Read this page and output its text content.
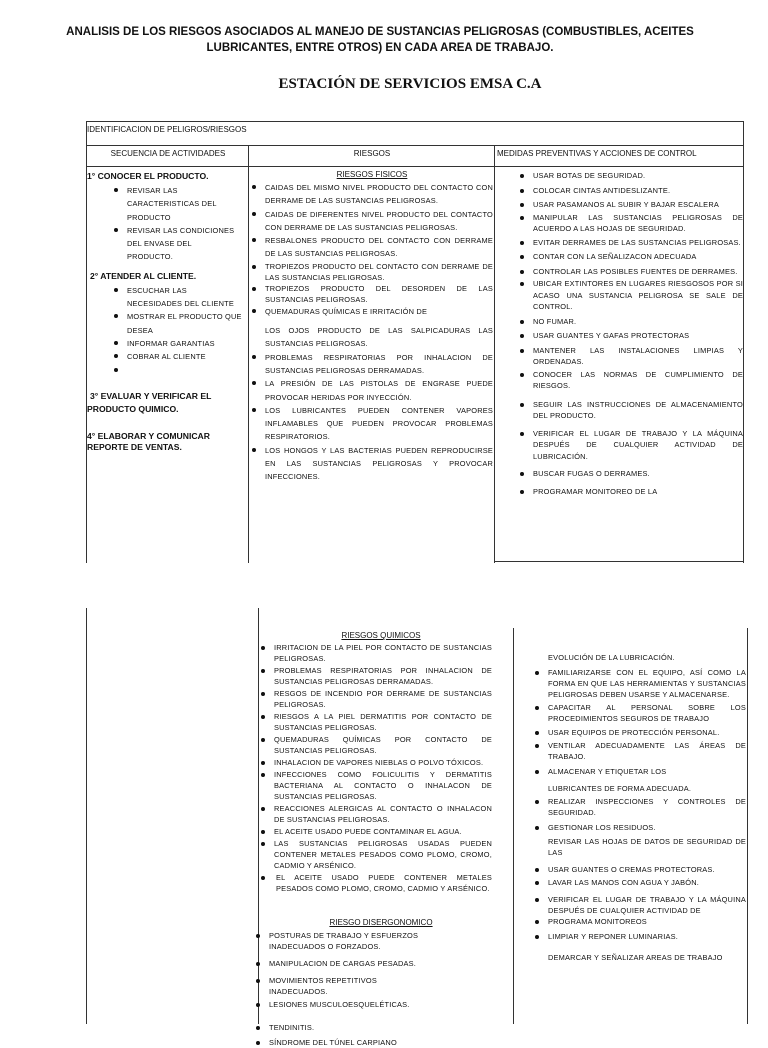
ANALISIS DE LOS RIESGOS ASOCIADOS AL MANEJO DE SUSTANCIAS PELIGROSAS (COMBUSTIBLES, ACEITES LUBRICANTES, ENTRE OTROS) EN CADA AREA DE TRABAJO.
ESTACIÓN DE SERVICIOS EMSA C.A
IDENTIFICACION DE PELIGROS/RIESGOS
SECUENCIA DE ACTIVIDADES	RIESGOS	MEDIDAS PREVENTIVAS Y ACCIONES DE CONTROL
1° CONOCER EL PRODUCTO.
REVISAR LAS CARACTERISTICAS DEL PRODUCTO
REVISAR LAS CONDICIONES DEL ENVASE DEL PRODUCTO.
2° ATENDER AL CLIENTE.
ESCUCHAR LAS NECESIDADES DEL CLIENTE
MOSTRAR EL PRODUCTO QUE DESEA
INFORMAR GARANTIAS
COBRAR AL CLIENTE
3° EVALUAR Y VERIFICAR EL
PRODUCTO QUIMICO.
4° ELABORAR Y COMUNICAR
REPORTE DE VENTAS.
RIESGOS FISICOS
CAIDAS DEL MISMO NIVEL PRODUCTO DEL CONTACTO CON DERRAME DE LAS SUSTANCIAS PELIGROSAS.
CAIDAS DE DIFERENTES NIVEL PRODUCTO DEL CONTACTO CON DERRAME DE LAS SUSTANCIAS PELIGROSAS.
RESBALONES PRODUCTO DEL CONTACTO CON DERRAME DE LAS SUSTANCIAS PELIGROSAS.
TROPIEZOS PRODUCTO DEL CONTACTO CON DERRAME DE LAS SUSTANCIAS PELIGROSAS.
TROPIEZOS PRODUCTO DEL DESORDEN DE LAS SUSTANCIAS PELIGROSAS.
QUEMADURAS QUÍMICAS E IRRITACIÓN DE
LOS OJOS PRODUCTO DE LAS SALPICADURAS LAS SUSTANCIAS PELIGROSAS.
PROBLEMAS RESPIRATORIAS POR INHALACION DE SUSTANCIAS PELIGROSAS DERRAMADAS.
LA PRESIÓN DE LAS PISTOLAS DE ENGRASE PUEDE PROVOCAR HERIDAS POR INYECCIÓN.
LOS LUBRICANTES PUEDEN CONTENER VAPORES INFLAMABLES QUE PUEDEN PROVOCAR PROBLEMAS RESPIRATORIOS.
LOS HONGOS Y LAS BACTERIAS PUEDEN REPRODUCIRSE EN LAS SUSTANCIAS PELIGROSAS Y PROVOCAR INFECCIONES.
USAR BOTAS DE SEGURIDAD.
COLOCAR CINTAS ANTIDESLIZANTE.
USAR PASAMANOS AL SUBIR Y BAJAR ESCALERA
MANIPULAR LAS SUSTANCIAS PELIGROSAS DE ACUERDO A LAS HOJAS DE SEGURIDAD.
EVITAR DERRAMES DE LAS SUSTANCIAS PELIGROSAS.
CONTAR CON LA SEÑALIZACON ADECUADA
CONTROLAR LAS POSIBLES FUENTES DE DERRAMES.
UBICAR EXTINTORES EN LUGARES RIESGOSOS POR SI ACASO UNA SUSTANCIA PELIGROSA SE SALE DE CONTROL.
NO FUMAR.
USAR GUANTES Y GAFAS PROTECTORAS
MANTENER LAS INSTALACIONES LIMPIAS Y ORDENADAS.
CONOCER LAS NORMAS DE CUMPLIMIENTO DE RIESGOS.
SEGUIR LAS INSTRUCCIONES DE ALMACENAMIENTO DEL PRODUCTO.
VERIFICAR EL LUGAR DE TRABAJO Y LA MÁQUINA DESPUÉS DE CUALQUIER ACTIVIDAD DE LUBRICACIÓN.
BUSCAR FUGAS O DERRAMES.
PROGRAMAR MONITOREO DE LA
RIESGOS QUIMICOS
IRRITACION DE LA PIEL POR CONTACTO DE SUSTANCIAS PELIGROSAS.
PROBLEMAS RESPIRATORIAS POR INHALACION DE SUSTANCIAS PELIGROSAS DERRAMADAS.
RESGOS DE INCENDIO POR DERRAME DE SUSTANCIAS PELIGROSAS.
RIESGOS A LA PIEL DERMATITIS POR CONTACTO DE SUSTANCIAS PELIGROSAS.
QUEMADURAS QUÍMICAS POR CONTACTO DE SUSTANCIAS PELIGROSAS.
INHALACION DE VAPORES NIEBLAS O POLVO TÓXICOS.
INFECCIONES COMO FOLICULITIS Y DERMATITIS BACTERIANA AL CONTACTO O INHALACON DE SUSTANCIAS PELIGROSAS.
REACCIONES ALERGICAS AL CONTACTO O INHALACON DE SUSTANCIAS PELIGROSAS.
EL ACEITE USADO PUEDE CONTAMINAR EL AGUA.
LAS SUSTANCIAS PELIGROSAS USADAS PUEDEN CONTENER METALES PESADOS COMO PLOMO, CROMO, CADMIO Y ARSÉNICO.
EL ACEITE USADO PUEDE CONTENER METALES PESADOS COMO PLOMO, CROMO, CADMIO Y ARSÉNICO.
RIESGO DISERGONOMICO
POSTURAS DE TRABAJO Y ESFUERZOS INADECUADOS O FORZADOS.
MANIPULACION DE CARGAS PESADAS.
MOVIMIENTOS REPETITIVOS INADECUADOS.
LESIONES MUSCULOESQUELÉTICAS.
TENDINITIS.
SÍNDROME DEL TÚNEL CARPIANO
EVOLUCIÓN DE LA LUBRICACIÓN.
FAMILIARIZARSE CON EL EQUIPO, ASÍ COMO LA FORMA EN QUE LAS HERRAMIENTAS Y SUSTANCIAS PELIGROSAS DEBEN USARSE Y ALMACENARSE.
CAPACITAR AL PERSONAL SOBRE LOS PROCEDIMIENTOS SEGUROS DE TRABAJO
USAR EQUIPOS DE PROTECCIÓN PERSONAL.
VENTILAR ADECUADAMENTE LAS ÁREAS DE TRABAJO.
ALMACENAR Y ETIQUETAR LOS
LUBRICANTES DE FORMA ADECUADA.
REALIZAR INSPECCIONES Y CONTROLES DE SEGURIDAD.
GESTIONAR LOS RESIDUOS.
REVISAR LAS HOJAS DE DATOS DE SEGURIDAD DE LAS
USAR GUANTES O CREMAS PROTECTORAS.
LAVAR LAS MANOS CON AGUA Y JABÓN.
VERIFICAR EL LUGAR DE TRABAJO Y LA MÁQUINA DESPUÉS DE CUALQUIER ACTIVIDAD DE
PROGRAMA MONITOREOS
LIMPIAR Y REPONER LUMINARIAS.
DEMARCAR Y SEÑALIZAR AREAS DE TRABAJO
